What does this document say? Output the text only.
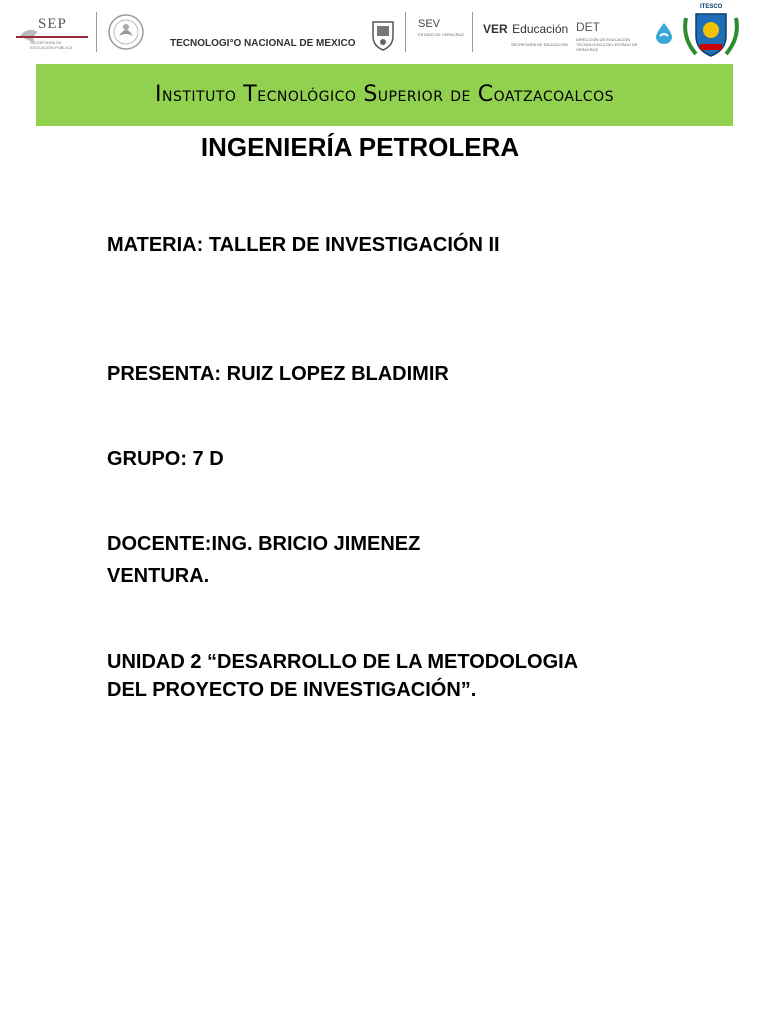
SEP
SECRETARÍA DE EDUCACIÓN PÚBLICA	TECNOLOGI°O NACIONAL DE MEXICO
SEV
ESTADO DE VERACRUZ VER Educación
SECRETARÍA DE EDUCACIÓN
DET
DIRECCIÓN DE EDUCACIÓN TECNOLÓGICA DEL ESTADO DE VERACRUZ
ITESCO
Instituto Tecnológico Superior de Coatzacoalcos
INGENIERÍA PETROLERA
MATERIA: TALLER DE INVESTIGACIÓN II
PRESENTA: RUIZ LOPEZ BLADIMIR
GRUPO: 7 D
DOCENTE:ING. BRICIO JIMENEZ
VENTURA.
UNIDAD 2 “DESARROLLO DE LA METODOLOGIA
DEL PROYECTO DE INVESTIGACIÓN”.
